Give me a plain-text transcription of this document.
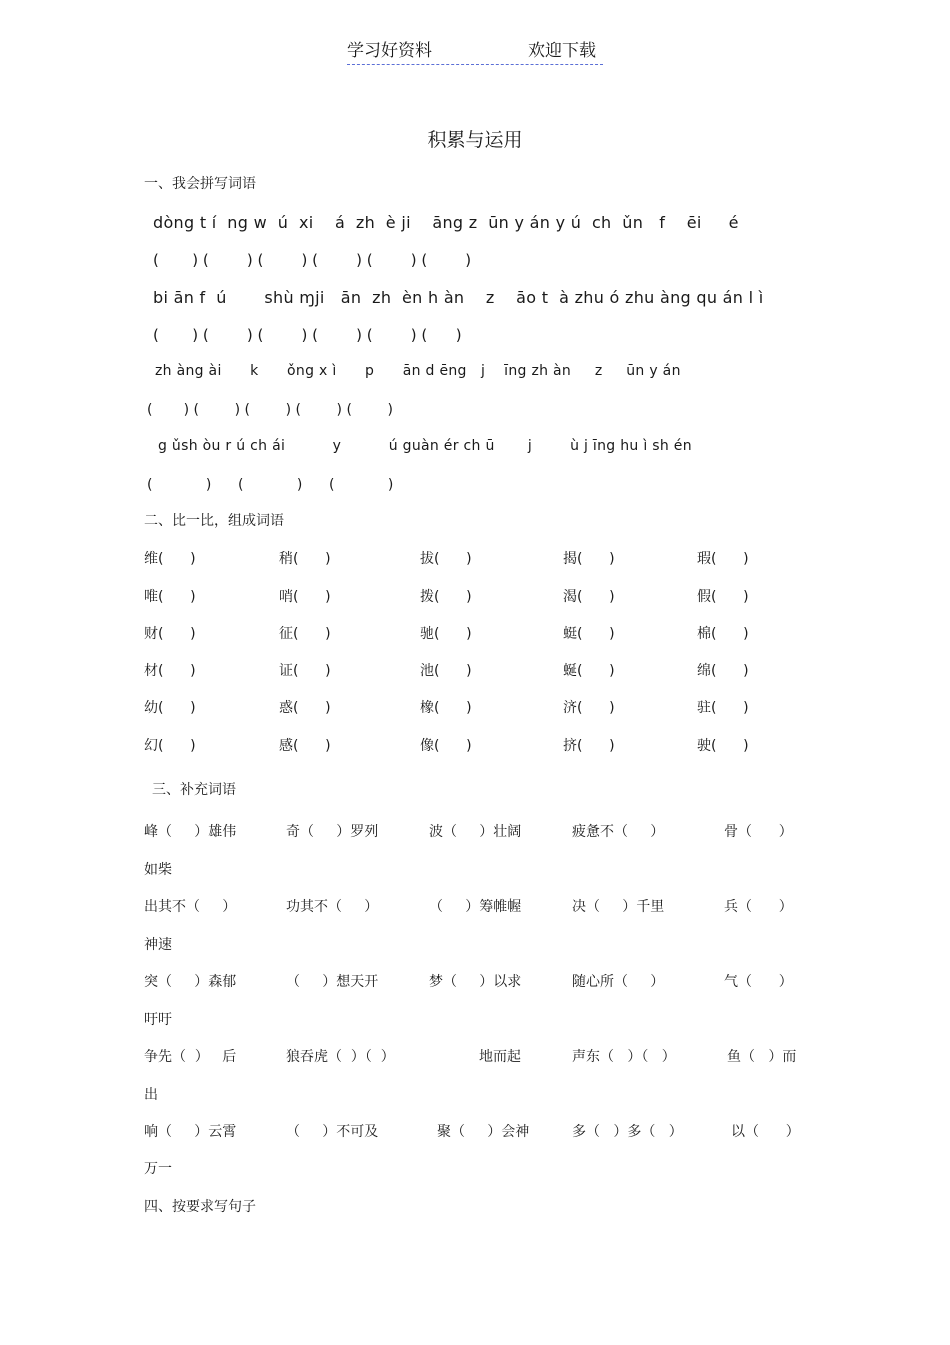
学习好资料	欢迎下载
积累与运用
一、我会拼写词语
dòng t í  ng w  ú  xi    á  zh  è ji    āng z  ūn y án y ú  ch  ǔn   f    ēi     é
(       ) (        ) (        ) (        ) (        ) (        )
bi ān f  ú       shù ɱji   ān  zh  èn h àn    z    āo t  à zhu ó zhu àng qu án l ì
(       ) (        ) (        ) (        ) (        ) (      )
zh àng ài      k      ǒng x ì      p      ān d ēng   j    īng zh àn     z     ūn y án
(       ) (        ) (        ) (        ) (        )
g ǔsh òu r ú ch ái          y          ú guàn ér ch ū       j        ù j īng hu ì sh én
(            )      (            )      (            )
二、比一比，组成词语
维(      )	稍(      )	拔(      )	揭(      )	瑕(      )
唯(      )	哨(      )	拨(      )	渴(      )	假(      )
财(      )	征(      )	驰(      )	蜓(      )	棉(      )
材(      )	证(      )	池(      )	蜒(      )	绵(      )
幼(      )	惑(      )	橡(      )	济(      )	驻(      )
幻(      )	感(      )	像(      )	挤(      )	驶(      )
三、补充词语
峰（     ）雄伟	奇（     ）罗列	波（     ）壮阔	疲惫不（     ）	骨（      ）
如柴
出其不（     ）	功其不（     ）	（     ）筹帷幄	决（     ）千里	兵（      ）
神速
突（     ）森郁	（     ）想天开	梦（     ）以求	随心所（     ）	气（      ）
吁吁
争先（  ）   后	狼吞虎（  ）（  ）	地而起	声东（   ）（   ）	鱼（   ）而
出
响（     ）云霄	（     ）不可及	聚（     ）会神	多（   ）多（   ）	以（      ）
万一
四、按要求写句子
